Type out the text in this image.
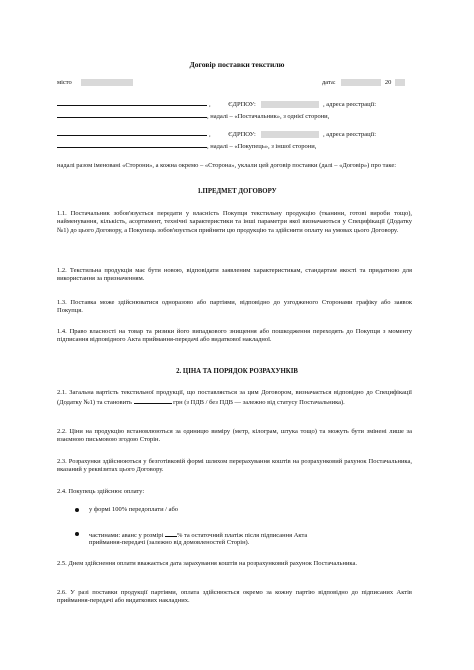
Договір поставки текстилю
місто	дата:	20
,	ЄДРПОУ:	, адреса реєстрації:
, надалі – «Постачальник», з однієї сторони,
,	ЄДРПОУ:	, адреса реєстрації:
, надалі – «Покупець», з іншої сторони,
надалі разом іменовані «Сторони», а кожна окремо – «Сторона», уклали цей договір поставки (далі – «Договір») про таке:
1.ПРЕДМЕТ ДОГОВОРУ
1.1. Постачальник зобов'язується передати у власність Покупця текстильну продукцію (тканини, готові вироби тощо), найменування, кількість, асортимент, технічні характеристики та інші параметри якої визначаються у Специфікації (Додатку №1) до цього Договору, а Покупець зобов'язується прийняти цю продукцію та здійснити оплату на умовах цього Договору.
1.2. Текстильна продукція має бути новою, відповідати заявленим характеристикам, стандартам якості та придатною для використання за призначенням.
1.3. Поставка може здійснюватися одноразово або партіями, відповідно до узгодженого Сторонами графіку або заявок Покупця.
1.4. Право власності на товар та ризики його випадкового знищення або пошкодження переходять до Покупця з моменту підписання відповідного Акта приймання-передачі або видаткової накладної.
2. ЦІНА ТА ПОРЯДОК РОЗРАХУНКІВ
2.1. Загальна вартість текстильної продукції, що поставляється за цим Договором, визначається відповідно до Специфікації (Додатку №1) та становить	грн (з ПДВ / без ПДВ — залежно від статусу Постачальника).
2.2. Ціни на продукцію встановлюються за одиницю виміру (метр, кілограм, штука тощо) та можуть бути змінені лише за взаємною письмовою згодою Сторін.
2.3. Розрахунки здійснюються у безготівковій формі шляхом перерахування коштів на розрахунковий рахунок Постачальника, вказаний у реквізитах цього Договору.
2.4. Покупець здійснює оплату:
у формі 100% передоплати / або
частинами: аванс у розмірі % та остаточний платіж після підписання Акта
приймання-передачі (залежно від домовленостей Сторін).
2.5. Днем здійснення оплати вважається дата зарахування коштів на розрахунковий рахунок Постачальника.
2.6. У разі поставки продукції партіями, оплата здійснюється окремо за кожну партію відповідно до підписаних Актів приймання-передачі або видаткових накладних.
